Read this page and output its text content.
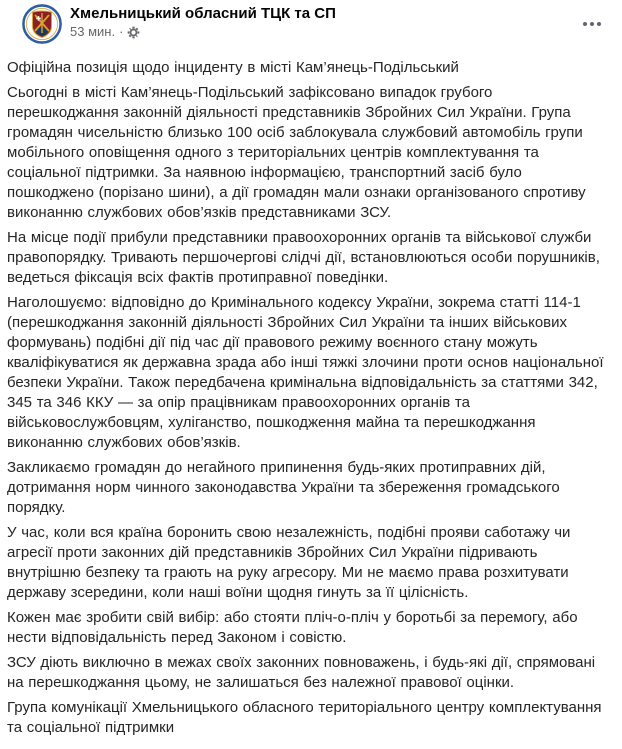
Хмельницький обласний ТЦК та СП
53 мин. ·

Офіційна позиція щодо інциденту в місті Кам’янець-Подільський

Сьогодні в місті Кам’янець-Подільський зафіксовано випадок грубого перешкоджання законній діяльності представників Збройних Сил України. Група громадян чисельністю близько 100 осіб заблокувала службовий автомобіль групи мобільного оповіщення одного з територіальних центрів комплектування та соціальної підтримки. За наявною інформацією, транспортний засіб було пошкоджено (порізано шини), а дії громадян мали ознаки організованого спротиву виконанню службових обов’язків представниками ЗСУ.

На місце події прибули представники правоохоронних органів та військової служби правопорядку. Тривають першочергові слідчі дії, встановлюються особи порушників, ведеться фіксація всіх фактів протиправної поведінки.

Наголошуємо: відповідно до Кримінального кодексу України, зокрема статті 114-1 (перешкоджання законній діяльності Збройних Сил України та інших військових формувань) подібні дії під час дії правового режиму воєнного стану можуть кваліфікуватися як державна зрада або інші тяжкі злочини проти основ національної безпеки України. Також передбачена кримінальна відповідальність за статтями 342, 345 та 346 ККУ — за опір працівникам правоохоронних органів та військовослужбовцям, хуліганство, пошкодження майна та перешкоджання виконанню службових обов’язків.

Закликаємо громадян до негайного припинення будь-яких протиправних дій, дотримання норм чинного законодавства України та збереження громадського порядку.

У час, коли вся країна боронить свою незалежність, подібні прояви саботажу чи агресії проти законних дій представників Збройних Сил України підривають внутрішню безпеку та грають на руку агресору. Ми не маємо права розхитувати державу зсередини, коли наші воїни щодня гинуть за її цілісність.

Кожен має зробити свій вибір: або стояти пліч-о-пліч у боротьбі за перемогу, або нести відповідальність перед Законом і совістю.

ЗСУ діють виключно в межах своїх законних повноважень, і будь-які дії, спрямовані на перешкоджання цьому, не залишаться без належної правової оцінки.

Група комунікації Хмельницького обласного територіального центру комплектування та соціальної підтримки
